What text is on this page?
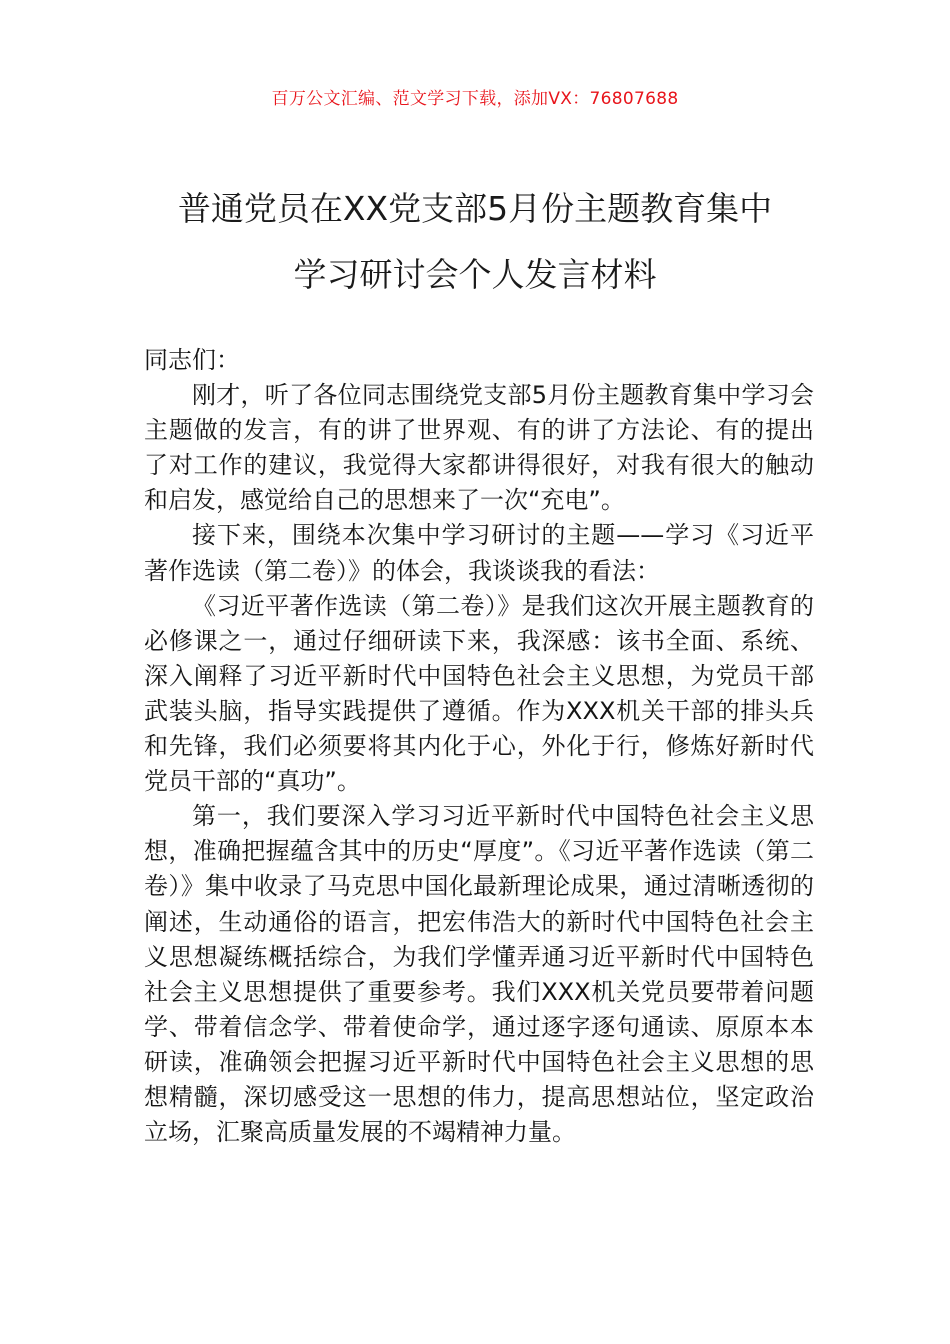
百万公文汇编、范文学习下载，添加VX：76807688
普通党员在XX党支部5月份主题教育集中
学习研讨会个人发言材料

同志们：

刚才，听了各位同志围绕党支部5月份主题教育集中学习会主题做的发言，有的讲了世界观、有的讲了方法论、有的提出了对工作的建议，我觉得大家都讲得很好，对我有很大的触动和启发，感觉给自己的思想来了一次“充电”。

接下来，围绕本次集中学习研讨的主题——学习《习近平著作选读（第二卷）》的体会，我谈谈我的看法：

《习近平著作选读（第二卷）》是我们这次开展主题教育的必修课之一，通过仔细研读下来，我深感：该书全面、系统、深入阐释了习近平新时代中国特色社会主义思想，为党员干部武装头脑，指导实践提供了遵循。作为XXX机关干部的排头兵和先锋，我们必须要将其内化于心，外化于行，修炼好新时代党员干部的“真功”。

第一，我们要深入学习习近平新时代中国特色社会主义思想，准确把握蕴含其中的历史“厚度”。《习近平著作选读（第二卷）》集中收录了马克思中国化最新理论成果，通过清晰透彻的阐述，生动通俗的语言，把宏伟浩大的新时代中国特色社会主义思想凝练概括综合，为我们学懂弄通习近平新时代中国特色社会主义思想提供了重要参考。我们XXX机关党员要带着问题学、带着信念学、带着使命学，通过逐字逐句通读、原原本本研读，准确领会把握习近平新时代中国特色社会主义思想的思想精髓，深切感受这一思想的伟力，提高思想站位，坚定政治立场，汇聚高质量发展的不竭精神力量。
